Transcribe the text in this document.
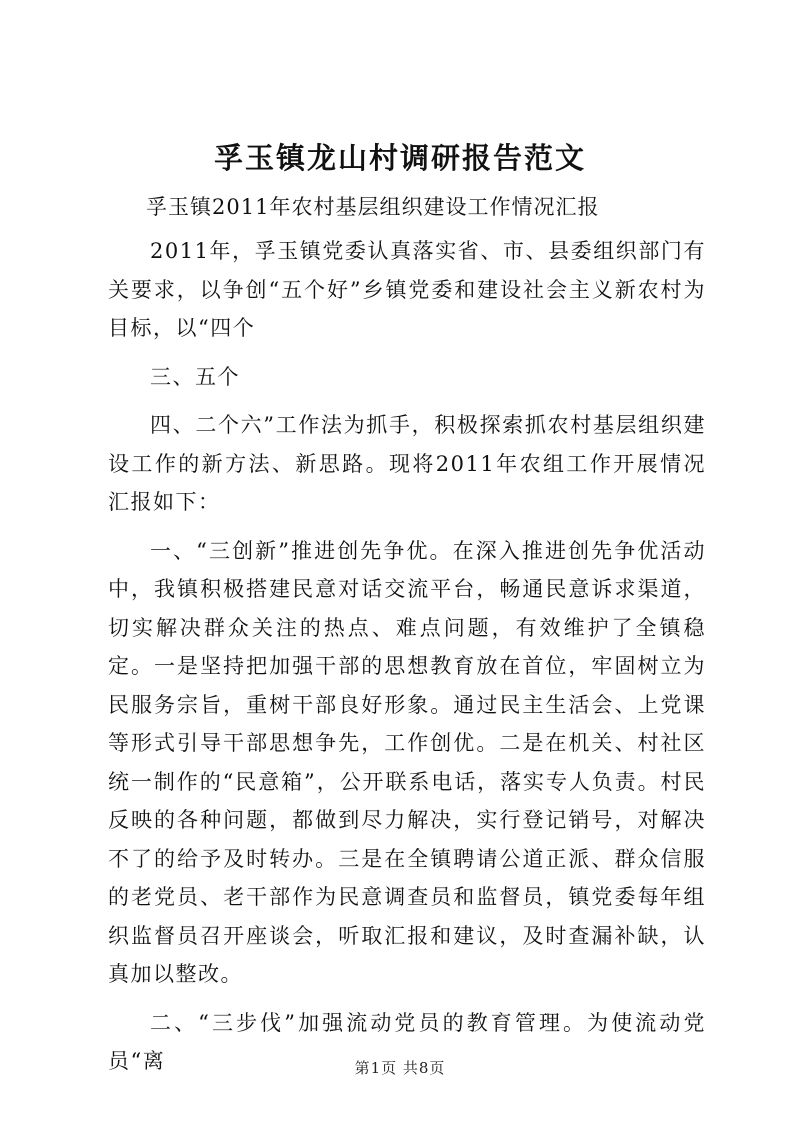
孚玉镇龙山村调研报告范文
孚玉镇2011年农村基层组织建设工作情况汇报

2011年，孚玉镇党委认真落实省、市、县委组织部门有关要求，以争创“五个好”乡镇党委和建设社会主义新农村为目标，以“四个

三、五个

四、二个六”工作法为抓手，积极探索抓农村基层组织建设工作的新方法、新思路。现将2011年农组工作开展情况汇报如下：

一、“三创新”推进创先争优。在深入推进创先争优活动中，我镇积极搭建民意对话交流平台，畅通民意诉求渠道，切实解决群众关注的热点、难点问题，有效维护了全镇稳定。一是坚持把加强干部的思想教育放在首位，牢固树立为民服务宗旨，重树干部良好形象。通过民主生活会、上党课等形式引导干部思想争先，工作创优。二是在机关、村社区统一制作的“民意箱”，公开联系电话，落实专人负责。村民反映的各种问题，都做到尽力解决，实行登记销号，对解决不了的给予及时转办。三是在全镇聘请公道正派、群众信服的老党员、老干部作为民意调查员和监督员，镇党委每年组织监督员召开座谈会，听取汇报和建议，及时查漏补缺，认真加以整改。

二、“三步伐”加强流动党员的教育管理。为使流动党员“离	第1页 共8页
